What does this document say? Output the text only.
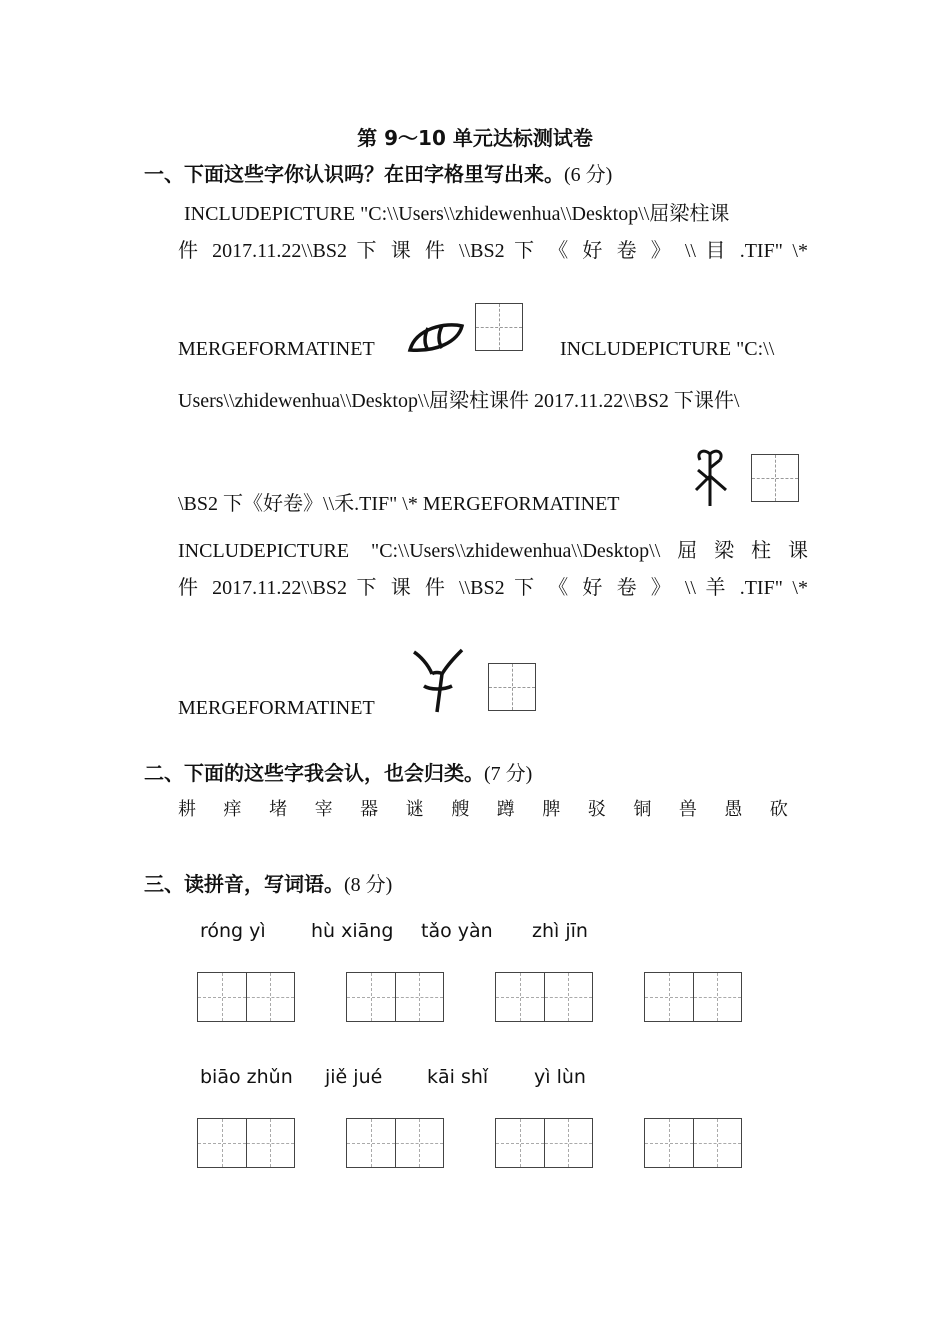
第 9～10 单元达标测试卷
一、下面这些字你认识吗？在田字格里写出来。(6 分)
INCLUDEPICTURE "C:\\Users\\zhidewenhua\\Desktop\\屈梁柱课
件 2017.11.22\\BS2 下 课 件 \\BS2 下 《 好 卷 》 \\ 目 .TIF" \*
MERGEFORMATINET	INCLUDEPICTURE "C:\\
Users\\zhidewenhua\\Desktop\\屈梁柱课件 2017.11.22\\BS2 下课件\
\BS2 下《好卷》\\禾.TIF" \* MERGEFORMATINET
INCLUDEPICTURE "C:\\Users\\zhidewenhua\\Desktop\\屈梁柱课
件 2017.11.22\\BS2 下 课 件 \\BS2 下 《 好 卷 》 \\ 羊 .TIF" \*
MERGEFORMATINET
二、下面的这些字我会认，也会归类。(7 分)
耕 痒 堵 宰 器 谜 艘 蹲 脾 驳 铜 兽 愚 砍
三、读拼音，写词语。(8 分)
róng yì hù xiāng tǎo yàn zhì jīn
biāo zhǔn jiě jué kāi shǐ yì lùn
